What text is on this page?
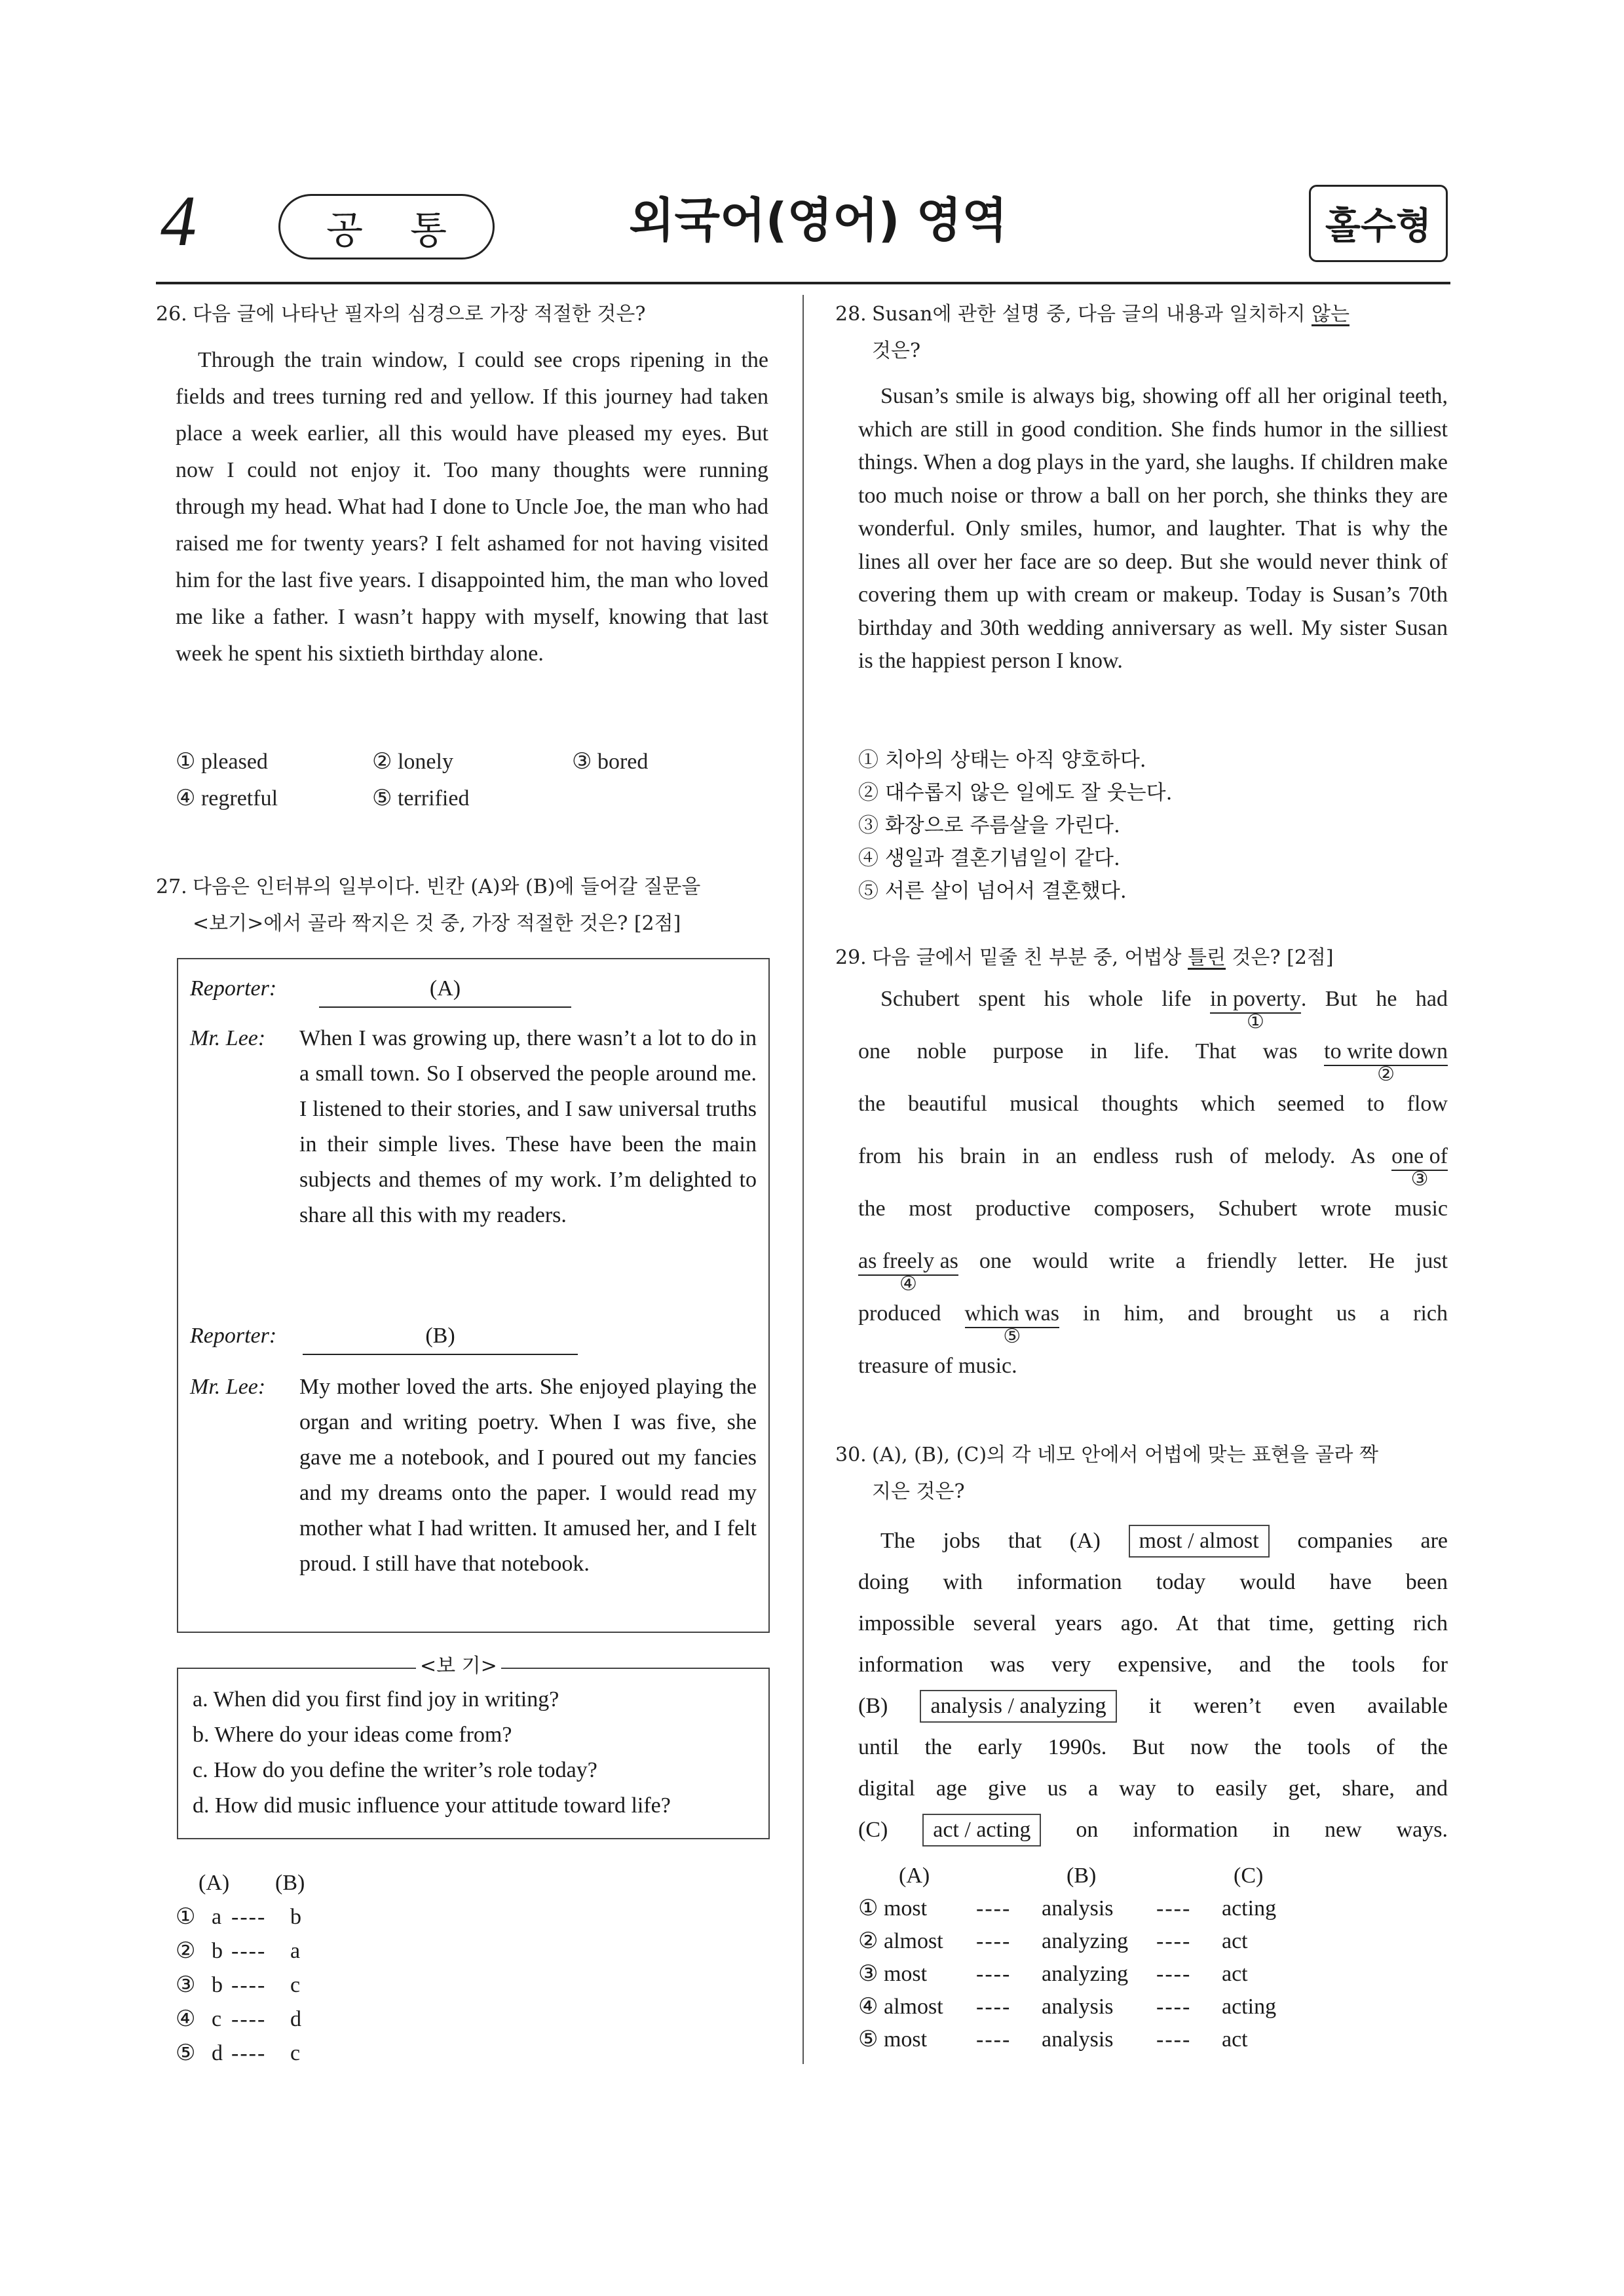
4	공 통	외국어(영어) 영역	홀수형
26. 다음 글에 나타난 필자의 심경으로 가장 적절한 것은?

Through the train window, I could see crops ripening in the fields and trees turning red and yellow. If this journey had taken place a week earlier, all this would have pleased my eyes. But now I could not enjoy it. Too many thoughts were running through my head. What had I done to Uncle Joe, the man who had raised me for twenty years? I felt ashamed for not having visited him for the last five years. I disappointed him, the man who loved me like a father. I wasn’t happy with myself, knowing that last week he spent his sixtieth birthday alone.

① pleased	② lonely	③ bored
④ regretful	⑤ terrified
27. 다음은 인터뷰의 일부이다. 빈칸 (A)와 (B)에 들어갈 질문을
<보기>에서 골라 짝지은 것 중, 가장 적절한 것은? [2점]
Reporter:	(A)
Mr. Lee: When I was growing up, there wasn’t a lot to do in a small town. So I observed the people around me. I listened to their stories, and I saw universal truths in their simple lives. These have been the main subjects and themes of my work. I’m delighted to share all this with my readers.
Reporter:	(B)
Mr. Lee: My mother loved the arts. She enjoyed playing the organ and writing poetry. When I was five, she gave me a notebook, and I poured out my fancies and my dreams onto the paper. I would read my mother what I had written. It amused her, and I felt proud. I still have that notebook.
a. When did you first find joy in writing?
b. Where do your ideas come from?
c. How do you define the writer’s role today?
d. How did music influence your attitude toward life?
<보 기>
(A) (B)
① a ---- b
② b ---- a
③ b ---- c
④ c ---- d
⑤ d ---- c
28. Susan에 관한 설명 중, 다음 글의 내용과 일치하지 않는
것은?

Susan’s smile is always big, showing off all her original teeth, which are still in good condition. She finds humor in the silliest things. When a dog plays in the yard, she laughs. If children make too much noise or throw a ball on her porch, she thinks they are wonderful. Only smiles, humor, and laughter. That is why the lines all over her face are so deep. But she would never think of covering them up with cream or makeup. Today is Susan’s 70th birthday and 30th wedding anniversary as well. My sister Susan is the happiest person I know.

① 치아의 상태는 아직 양호하다.
② 대수롭지 않은 일에도 잘 웃는다.
③ 화장으로 주름살을 가린다.
④ 생일과 결혼기념일이 같다.
⑤ 서른 살이 넘어서 결혼했다.
29. 다음 글에서 밑줄 친 부분 중, 어법상 틀린 것은? [2점]
Schubert spent his whole life in poverty
①
. But he had
one noble purpose in life. That was to write down
②
the beautiful musical thoughts which seemed to flow
from his brain in an endless rush of melody. As one of
③
the most productive composers, Schubert wrote music
as freely as
④
one would write a friendly letter. He just
produced which was
⑤
in him, and brought us a rich
treasure of music.
30. (A), (B), (C)의 각 네모 안에서 어법에 맞는 표현을 골라 짝
지은 것은?
The jobs that (A) most / almost companies are
doing with information today would have been
impossible several years ago. At that time, getting rich
information was very expensive, and the tools for
(B) analysis / analyzing it weren’t even available
until the early 1990s. But now the tools of the
digital age give us a way to easily get, share, and
(C) act / acting on information in new ways.
(A)	(B)	(C)
① most ---- analysis ---- acting
② almost ---- analyzing ---- act
③ most ---- analyzing ---- act
④ almost ---- analysis ---- acting
⑤ most ---- analysis ---- act
